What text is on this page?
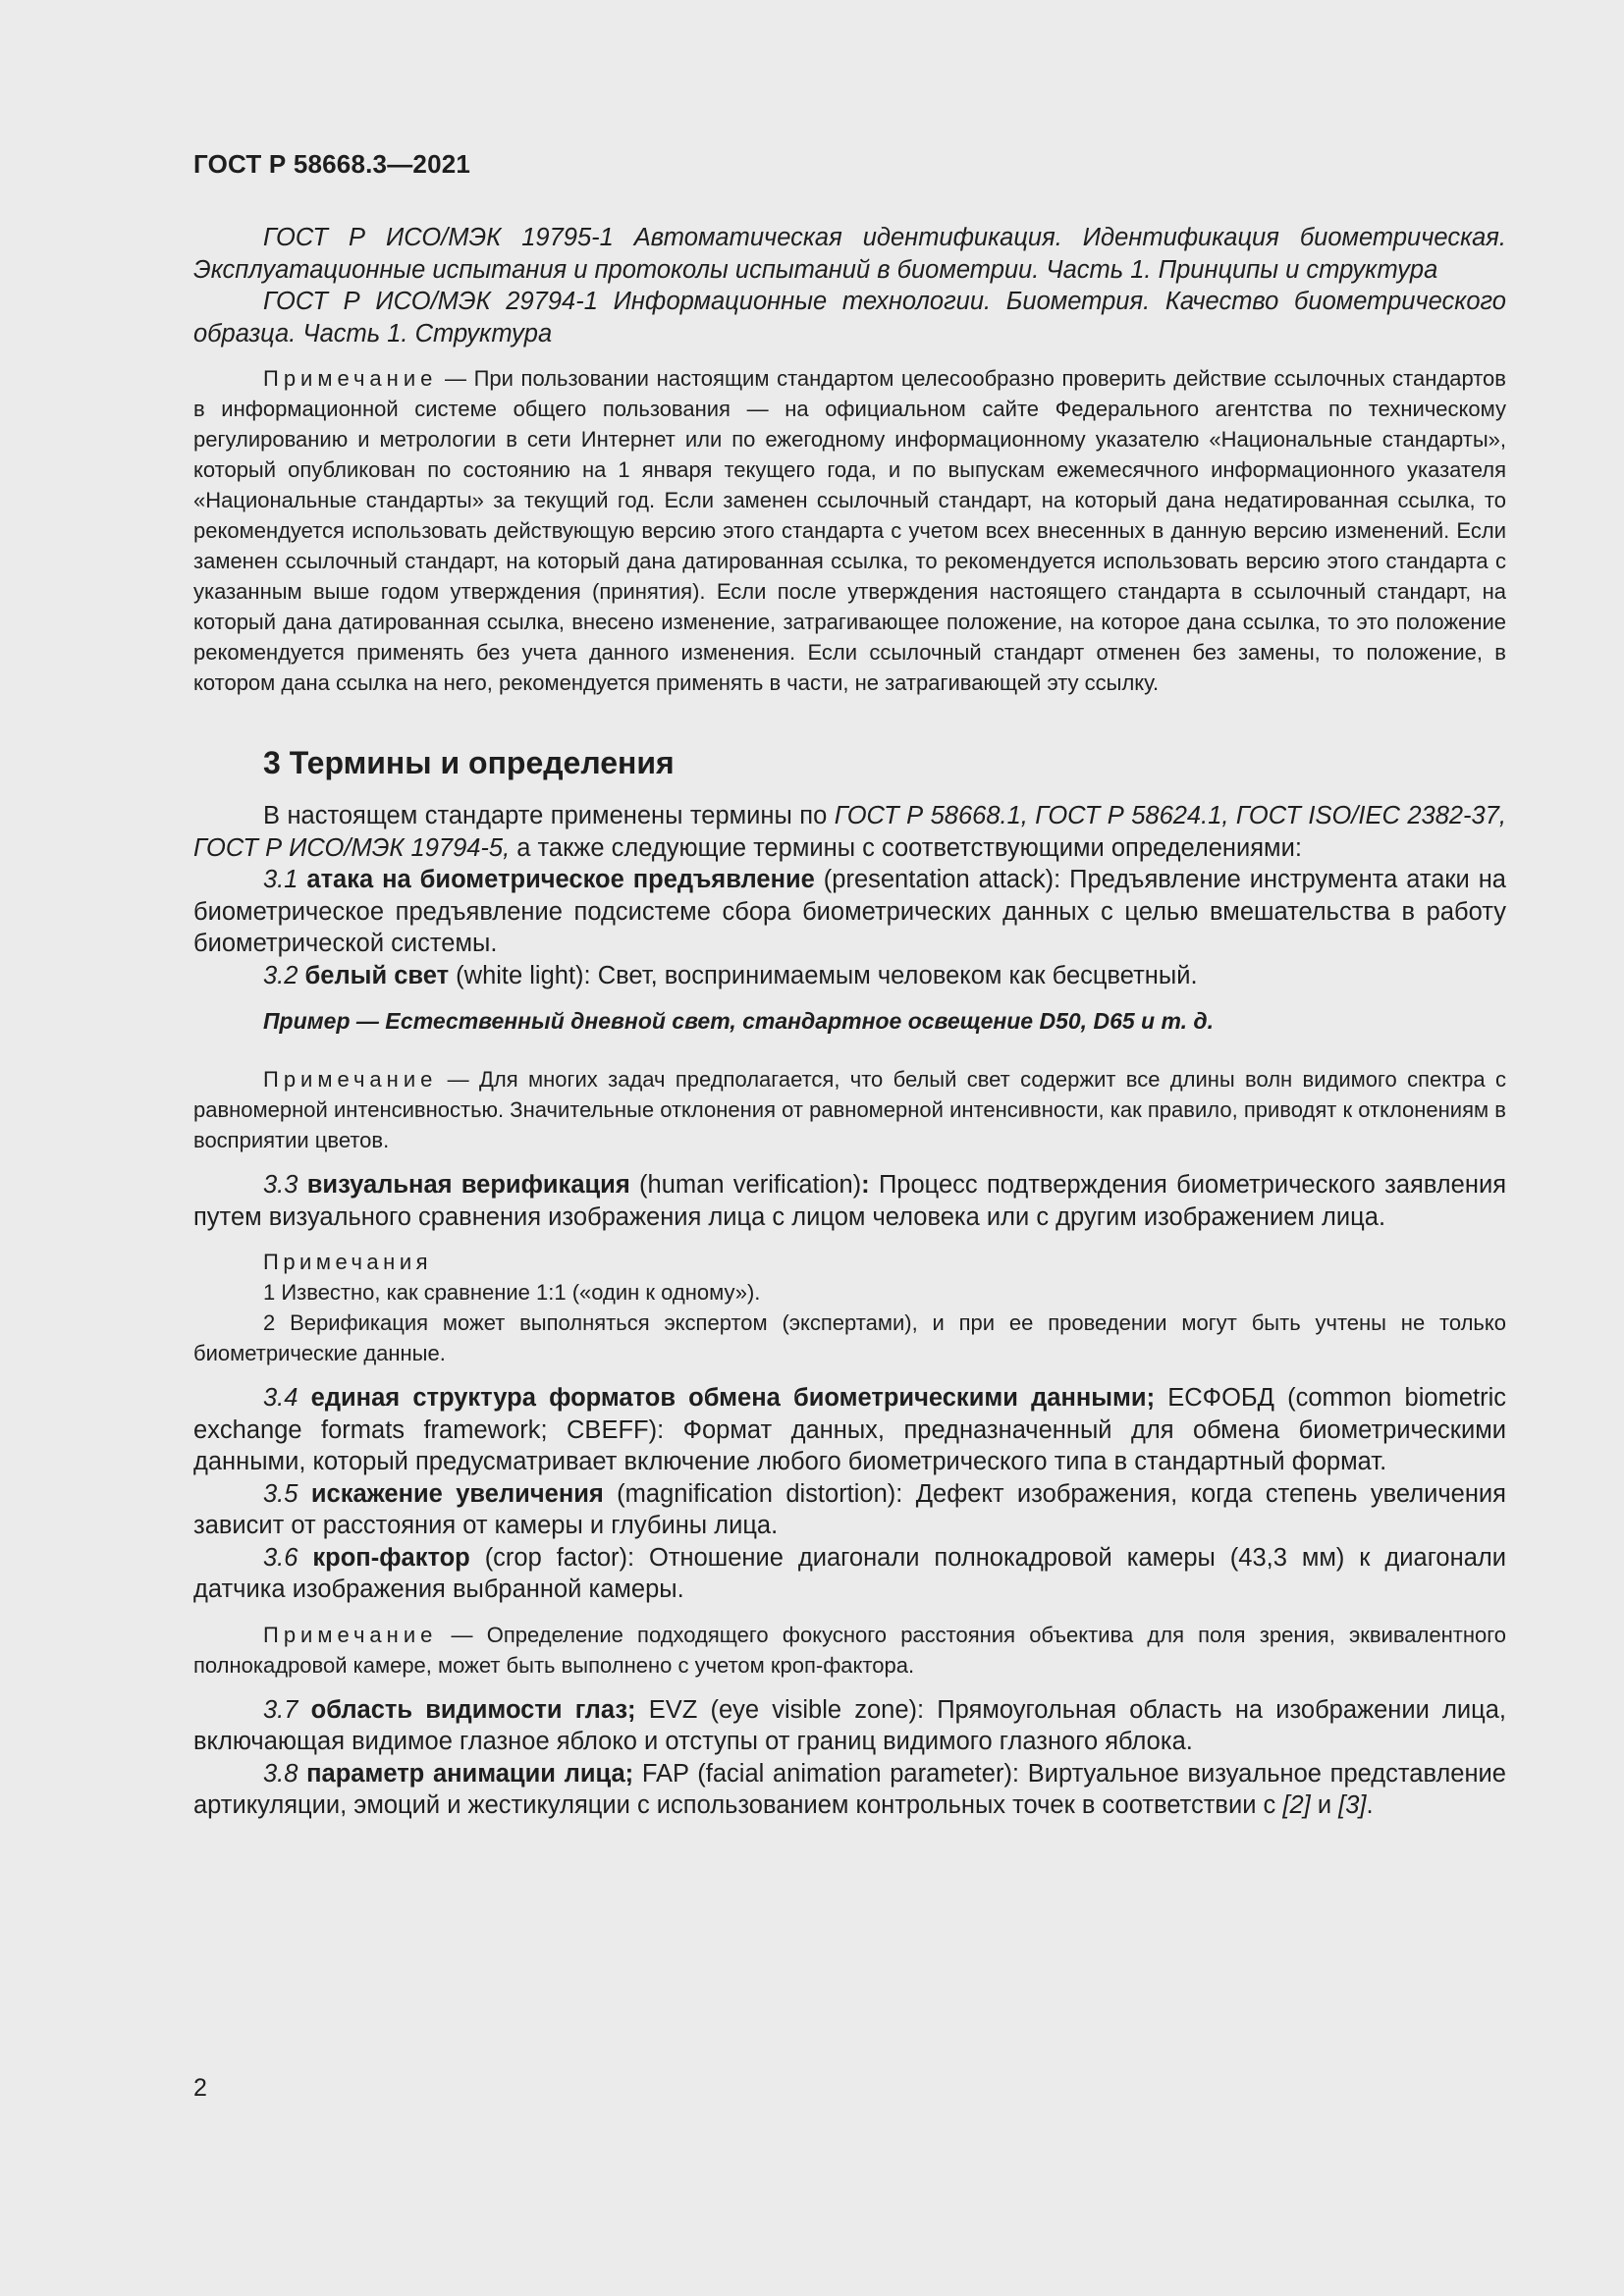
ГОСТ Р 58668.3—2021

ГОСТ Р ИСО/МЭК 19795-1 Автоматическая идентификация. Идентификация биометрическая. Эксплуатационные испытания и протоколы испытаний в биометрии. Часть 1. Принципы и структура

ГОСТ Р ИСО/МЭК 29794-1 Информационные технологии. Биометрия. Качество биометрического образца. Часть 1. Структура

Примечание — При пользовании настоящим стандартом целесообразно проверить действие ссылочных стандартов в информационной системе общего пользования — на официальном сайте Федерального агентства по техническому регулированию и метрологии в сети Интернет или по ежегодному информационному указателю «Национальные стандарты», который опубликован по состоянию на 1 января текущего года, и по выпускам ежемесячного информационного указателя «Национальные стандарты» за текущий год. Если заменен ссылочный стандарт, на который дана недатированная ссылка, то рекомендуется использовать действующую версию этого стандарта с учетом всех внесенных в данную версию изменений. Если заменен ссылочный стандарт, на который дана датированная ссылка, то рекомендуется использовать версию этого стандарта с указанным выше годом утверждения (принятия). Если после утверждения настоящего стандарта в ссылочный стандарт, на который дана датированная ссылка, внесено изменение, затрагивающее положение, на которое дана ссылка, то это положение рекомендуется применять без учета данного изменения. Если ссылочный стандарт отменен без замены, то положение, в котором дана ссылка на него, рекомендуется применять в части, не затрагивающей эту ссылку.

3 Термины и определения

В настоящем стандарте применены термины по ГОСТ Р 58668.1, ГОСТ Р 58624.1, ГОСТ ISO/IEC 2382-37, ГОСТ Р ИСО/МЭК 19794-5, а также следующие термины с соответствующими определениями:

3.1 атака на биометрическое предъявление (presentation attack): Предъявление инструмента атаки на биометрическое предъявление подсистеме сбора биометрических данных с целью вмешательства в работу биометрической системы.

3.2 белый свет (white light): Свет, воспринимаемым человеком как бесцветный.

Пример — Естественный дневной свет, стандартное освещение D50, D65 и т. д.

Примечание — Для многих задач предполагается, что белый свет содержит все длины волн видимого спектра с равномерной интенсивностью. Значительные отклонения от равномерной интенсивности, как правило, приводят к отклонениям в восприятии цветов.

3.3 визуальная верификация (human verification): Процесс подтверждения биометрического заявления путем визуального сравнения изображения лица с лицом человека или с другим изображением лица.

Примечания

1 Известно, как сравнение 1:1 («один к одному»).

2 Верификация может выполняться экспертом (экспертами), и при ее проведении могут быть учтены не только биометрические данные.

3.4 единая структура форматов обмена биометрическими данными; ЕСФОБД (common biometric exchange formats framework; CBEFF): Формат данных, предназначенный для обмена биометрическими данными, который предусматривает включение любого биометрического типа в стандартный формат.

3.5 искажение увеличения (magnification distortion): Дефект изображения, когда степень увеличения зависит от расстояния от камеры и глубины лица.

3.6 кроп-фактор (crop factor): Отношение диагонали полнокадровой камеры (43,3 мм) к диагонали датчика изображения выбранной камеры.

Примечание — Определение подходящего фокусного расстояния объектива для поля зрения, эквивалентного полнокадровой камере, может быть выполнено с учетом кроп-фактора.

3.7 область видимости глаз; EVZ (eye visible zone): Прямоугольная область на изображении лица, включающая видимое глазное яблоко и отступы от границ видимого глазного яблока.

3.8 параметр анимации лица; FAP (facial animation parameter): Виртуальное визуальное представление артикуляции, эмоций и жестикуляции с использованием контрольных точек в соответствии с [2] и [3].

2
